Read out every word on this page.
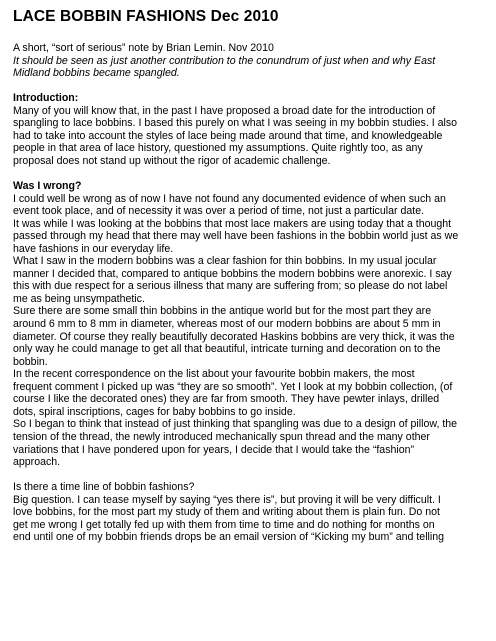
LACE BOBBIN FASHIONS Dec 2010
A short, “sort of serious” note by Brian Lemin. Nov 2010
It should be seen as just another contribution to the conundrum of just when and why East
Midland bobbins became spangled.
Introduction:
Many of you will know that, in the past I have proposed a broad date for the introduction of
spangling to lace bobbins. I based this purely on what I was seeing in my bobbin studies. I also
had to take into account the styles of lace being made around that time, and knowledgeable
people in that area of lace history, questioned my assumptions. Quite rightly too, as any
proposal does not stand up without the rigor of academic challenge.
Was I wrong?
I could well be wrong as of now I have not found any documented evidence of when such an
event took place, and of necessity it was over a period of time, not just a particular date.
It was while I was looking at the bobbins that most lace makers are using today that a thought
passed through my head that there may well have been fashions in the bobbin world just as we
have fashions in our everyday life.
What I saw in the modern bobbins was a clear fashion for thin bobbins. In my usual jocular
manner I decided that, compared to antique bobbins the modern bobbins were anorexic. I say
this with due respect for a serious illness that many are suffering from; so please do not label
me as being unsympathetic.
Sure there are some small thin bobbins in the antique world but for the most part they are
around 6 mm to 8 mm in diameter, whereas most of our modern bobbins are about 5 mm in
diameter. Of course they really beautifully decorated Haskins bobbins are very thick, it was the
only way he could manage to get all that beautiful, intricate turning and decoration on to the
bobbin.
In the recent correspondence on the list about your favourite bobbin makers, the most
frequent comment I picked up was “they are so smooth”. Yet I look at my bobbin collection, (of
course I like the decorated ones) they are far from smooth. They have pewter inlays, drilled
dots, spiral inscriptions, cages for baby bobbins to go inside.
So I began to think that instead of just thinking that spangling was due to a design of pillow, the
tension of the thread, the newly introduced mechanically spun thread and the many other
variations that I have pondered upon for years, I decide that I would take the “fashion”
approach.
Is there a time line of bobbin fashions?
Big question. I can tease myself by saying “yes there is”, but proving it will be very difficult. I
love bobbins, for the most part my study of them and writing about them is plain fun. Do not
get me wrong I get totally fed up with them from time to time and do nothing for months on
end until one of my bobbin friends drops be an email version of “Kicking my bum” and telling
